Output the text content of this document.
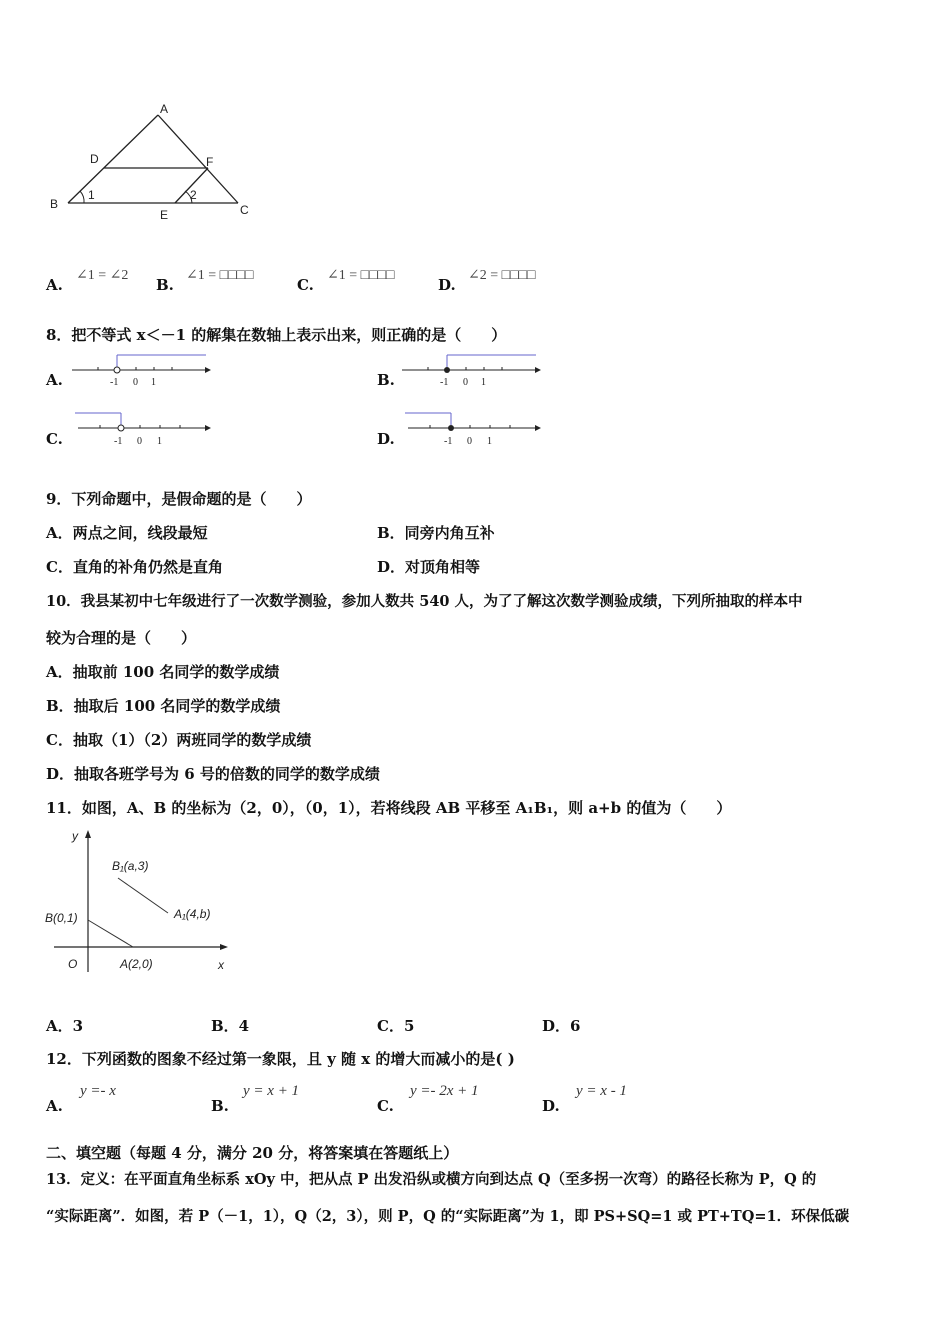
A
B	C
D
E
F
1	2
A.
∠1 = ∠2
B.
∠1 = □□□□
C.
∠1 = □□□□
D.
∠2 = □□□□
8．把不等式 x＜－1 的解集在数轴上表示出来，则正确的是（　　）
A.	-1 0 1	B.	-1 0 1
C.	-1 0 1	D.	-1 0 1
9．下列命题中，是假命题的是（　　）
A．两点之间，线段最短	B．同旁内角互补
C．直角的补角仍然是直角	D．对顶角相等
10．我县某初中七年级进行了一次数学测验，参加人数共 540 人，为了了解这次数学测验成绩，下列所抽取的样本中
较为合理的是（　　）
A．抽取前 100 名同学的数学成绩
B．抽取后 100 名同学的数学成绩
C．抽取（1）（2）两班同学的数学成绩
D．抽取各班学号为 6 号的倍数的同学的数学成绩
11．如图，A、B 的坐标为（2，0），（0，1），若将线段 AB 平移至 A₁B₁，则 a+b 的值为（　　）
y
x
O
B(0,1)
A(2,0)
B₁(a,3)
A₁(4,b)
A．3	B．4	C．5	D．6
12．下列函数的图象不经过第一象限，且 y 随 x 的增大而减小的是( )
A.
y =- x
B.
y = x + 1
C.
y =- 2x + 1
D.
y = x - 1
二、填空题（每题 4 分，满分 20 分，将答案填在答题纸上）
13．定义：在平面直角坐标系 xOy 中，把从点 P 出发沿纵或横方向到达点 Q（至多拐一次弯）的路径长称为 P，Q 的
“实际距离”．如图，若 P（－1，1），Q（2，3），则 P，Q 的“实际距离”为 1，即 PS+SQ=1 或 PT+TQ=1．环保低碳
